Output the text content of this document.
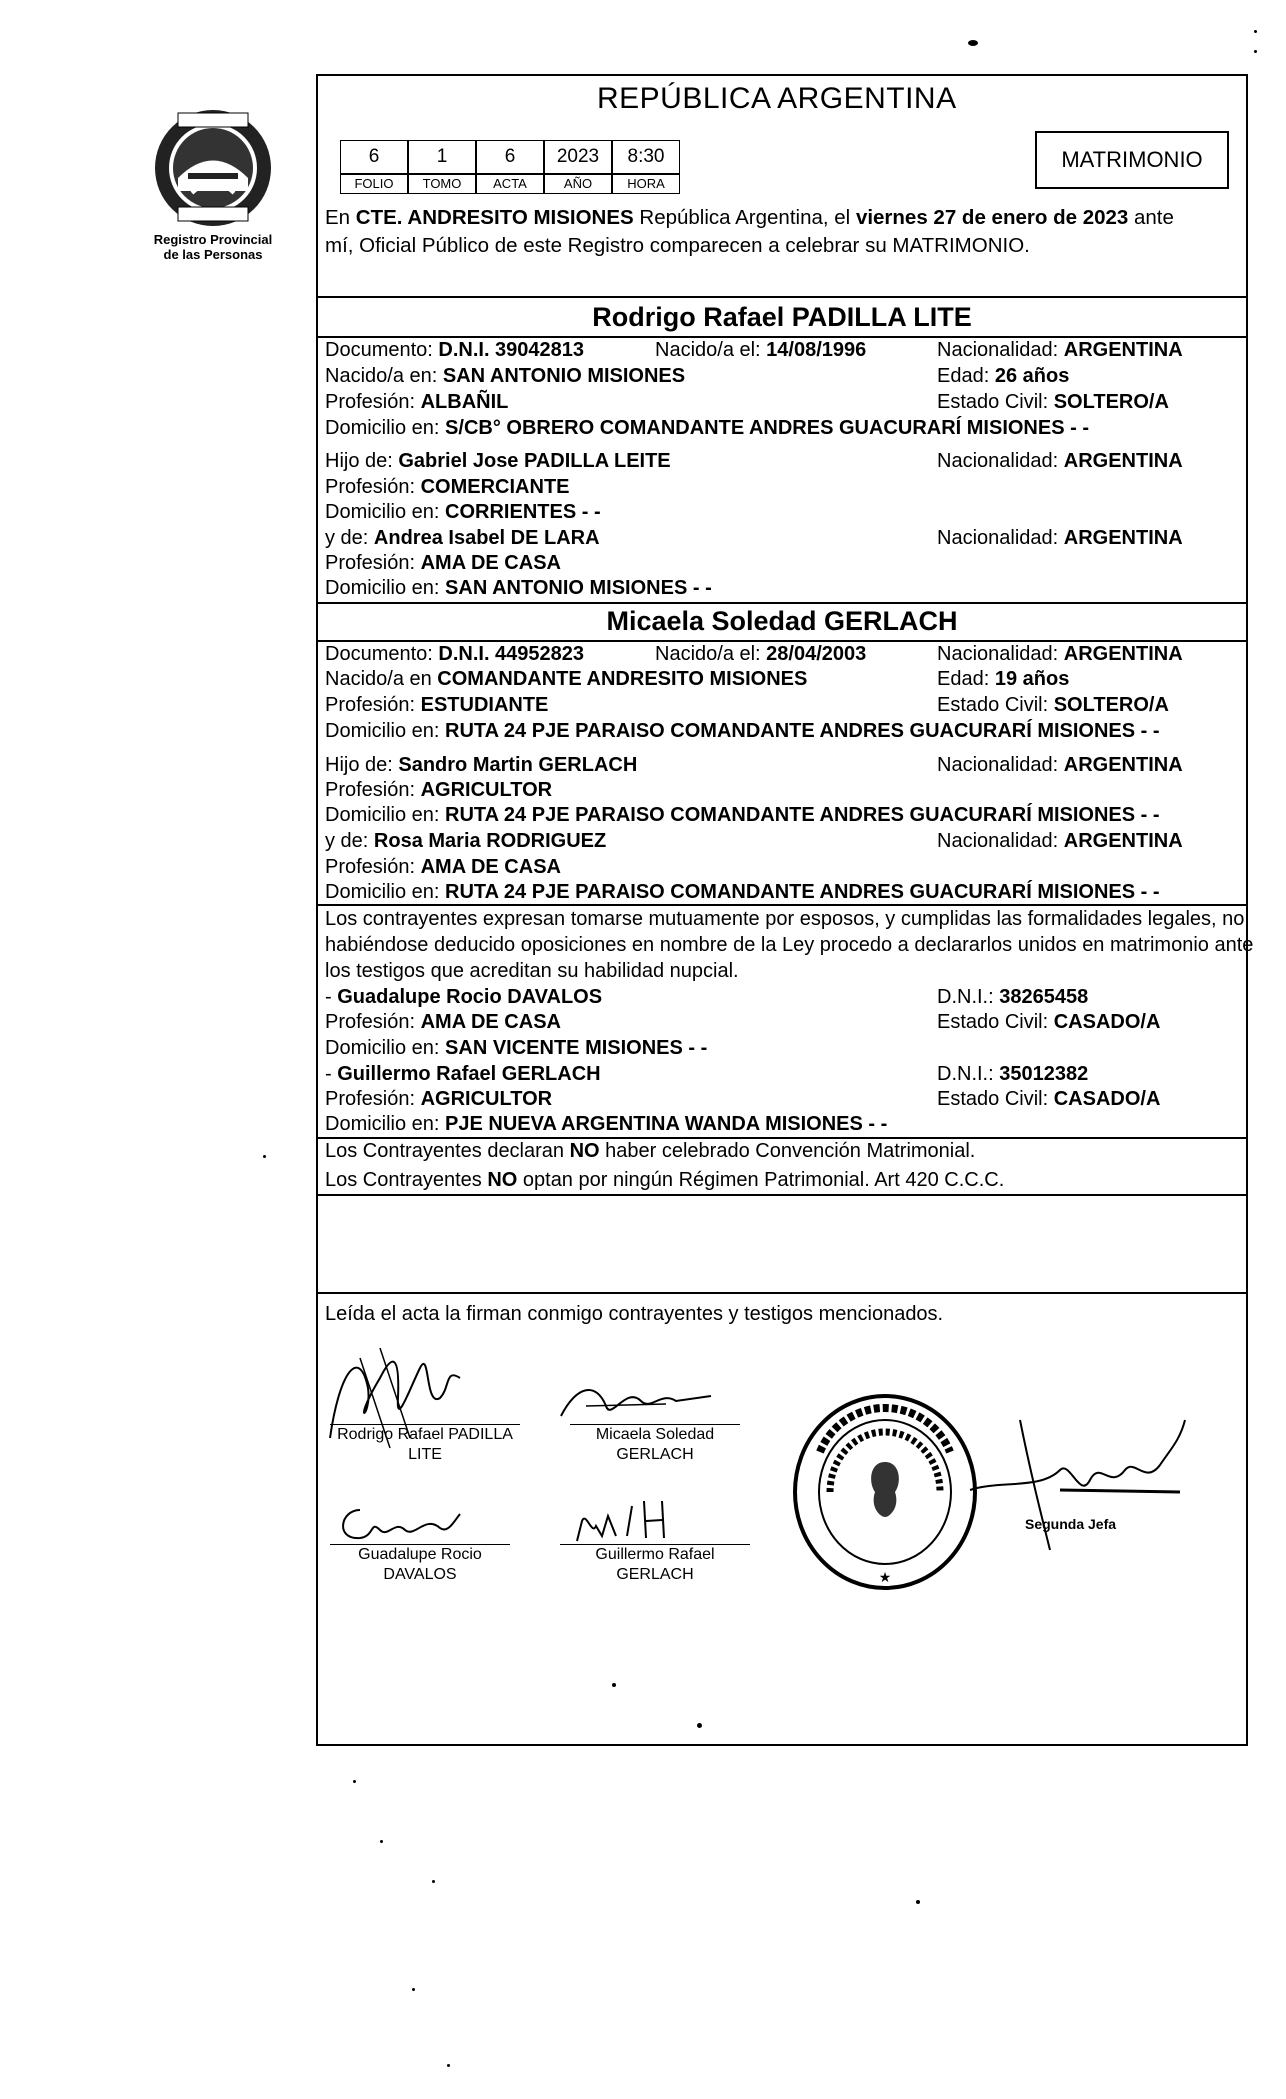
Registro Provincial
de las Personas
REPÚBLICA ARGENTINA
6	1	6	2023	8:30
FOLIO	TOMO	ACTA	AÑO	HORA
MATRIMONIO
En CTE. ANDRESITO MISIONES República Argentina, el viernes 27 de enero de 2023 ante
mí, Oficial Público de este Registro comparecen a celebrar su MATRIMONIO.
Rodrigo Rafael PADILLA LITE
Documento: D.N.I. 39042813	Nacido/a el: 14/08/1996	Nacionalidad: ARGENTINA
Nacido/a en: SAN ANTONIO MISIONES	Edad: 26 años
Profesión: ALBAÑIL	Estado Civil: SOLTERO/A
Domicilio en: S/CB° OBRERO COMANDANTE ANDRES GUACURARÍ MISIONES - -
Hijo de: Gabriel Jose PADILLA LEITE	Nacionalidad: ARGENTINA
Profesión: COMERCIANTE
Domicilio en: CORRIENTES - -
y de: Andrea Isabel DE LARA	Nacionalidad: ARGENTINA
Profesión: AMA DE CASA
Domicilio en: SAN ANTONIO MISIONES - -
Micaela Soledad GERLACH
Documento: D.N.I. 44952823	Nacido/a el: 28/04/2003	Nacionalidad: ARGENTINA
Nacido/a en COMANDANTE ANDRESITO MISIONES	Edad: 19 años
Profesión: ESTUDIANTE	Estado Civil: SOLTERO/A
Domicilio en: RUTA 24 PJE PARAISO COMANDANTE ANDRES GUACURARÍ MISIONES - -
Hijo de: Sandro Martin GERLACH	Nacionalidad: ARGENTINA
Profesión: AGRICULTOR
Domicilio en: RUTA 24 PJE PARAISO COMANDANTE ANDRES GUACURARÍ MISIONES - -
y de: Rosa Maria RODRIGUEZ	Nacionalidad: ARGENTINA
Profesión: AMA DE CASA
Domicilio en: RUTA 24 PJE PARAISO COMANDANTE ANDRES GUACURARÍ MISIONES - -
Los contrayentes expresan tomarse mutuamente por esposos, y cumplidas las formalidades legales, no
habiéndose deducido oposiciones en nombre de la Ley procedo a declararlos unidos en matrimonio ante
los testigos que acreditan su habilidad nupcial.
- Guadalupe Rocio DAVALOS	D.N.I.: 38265458
Profesión: AMA DE CASA	Estado Civil: CASADO/A
Domicilio en: SAN VICENTE MISIONES - -
- Guillermo Rafael GERLACH	D.N.I.: 35012382
Profesión: AGRICULTOR	Estado Civil: CASADO/A
Domicilio en: PJE NUEVA ARGENTINA WANDA MISIONES - -
Los Contrayentes declaran NO haber celebrado Convención Matrimonial.
Los Contrayentes NO optan por ningún Régimen Patrimonial. Art 420 C.C.C.
Leída el acta la firman conmigo contrayentes y testigos mencionados.
Rodrigo Rafael PADILLA
LITE
Micaela Soledad
GERLACH
Guadalupe Rocio
DAVALOS
Guillermo Rafael
GERLACH	★
Segunda Jefa
